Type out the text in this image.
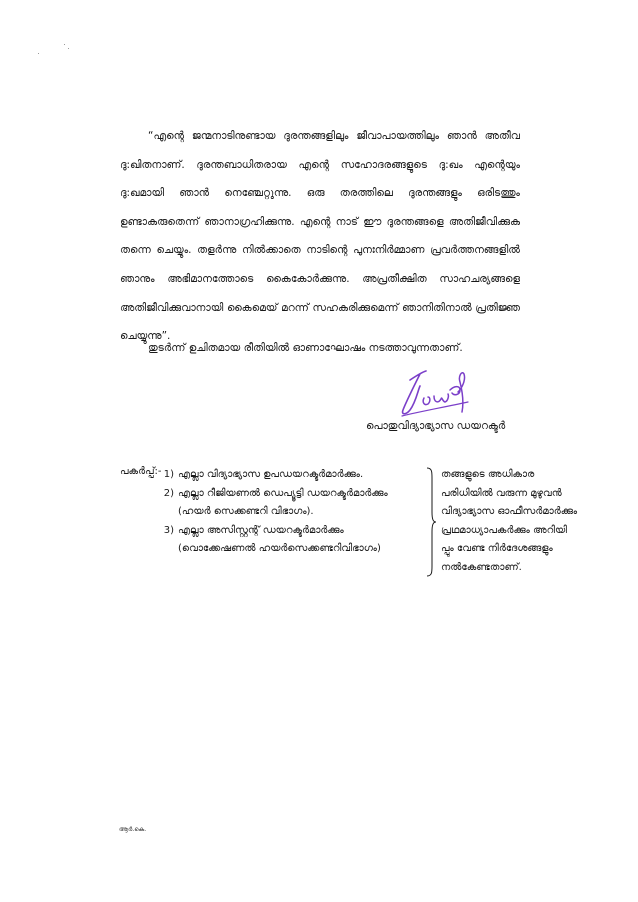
“എന്റെ ജന്മനാടിനുണ്ടായ ദുരന്തങ്ങളിലും ജീവാപായത്തിലും ഞാൻ അതീവ
ദു:ഖിതനാണ്. ദുരന്തബാധിതരായ എന്റെ സഹോദരങ്ങളുടെ ദു:ഖം എന്റെയും
ദു:ഖമായി ഞാൻ നെഞ്ചേറ്റുന്നു. ഒരു തരത്തിലെ ദുരന്തങ്ങളും ഒരിടത്തും
ഉണ്ടാകരുതെന്ന് ഞാനാഗ്രഹിക്കുന്നു. എന്റെ നാട് ഈ ദുരന്തങ്ങളെ അതിജീവിക്കുക
തന്നെ ചെയ്യും. തളർന്നു നിൽക്കാതെ നാടിന്റെ പുനഃനിർമ്മാണ പ്രവർത്തനങ്ങളിൽ
ഞാനും അഭിമാനത്തോടെ കൈകോർക്കുന്നു. അപ്രതീക്ഷിത സാഹചര്യങ്ങളെ
അതിജീവിക്കുവാനായി കൈമെയ് മറന്ന് സഹകരിക്കുമെന്ന് ഞാനിതിനാൽ പ്രതിജ്ഞ
ചെയ്യുന്നു”.
തുടർന്ന് ഉചിതമായ രീതിയിൽ ഓണാഘോഷം നടത്താവുന്നതാണ്.
പൊതുവിദ്യാഭ്യാസ ഡയറക്ടർ
പകർപ്പ്:- 1) എല്ലാ വിദ്യാഭ്യാസ ഉപഡയറക്ടർമാർക്കും.
2) എല്ലാ റീജിയണൽ ഡെപ്യൂട്ടി ഡയറക്ടർമാർക്കും
(ഹയർ സെക്കണ്ടറി വിഭാഗം).
3) എല്ലാ അസിസ്റ്റന്റ് ഡയറക്ടർമാർക്കും
(വൊക്കേഷണൽ ഹയർസെക്കണ്ടറിവിഭാഗം)
തങ്ങളുടെ അധികാര
പരിധിയിൽ വരുന്ന മുഴുവൻ
വിദ്യാഭ്യാസ ഓഫീസർമാർക്കും
പ്രഥമാധ്യാപകർക്കും അറിയി
പ്പും വേണ്ട നിർദേശങ്ങളും
നൽകേണ്ടതാണ്.
ആർ.കെ.
